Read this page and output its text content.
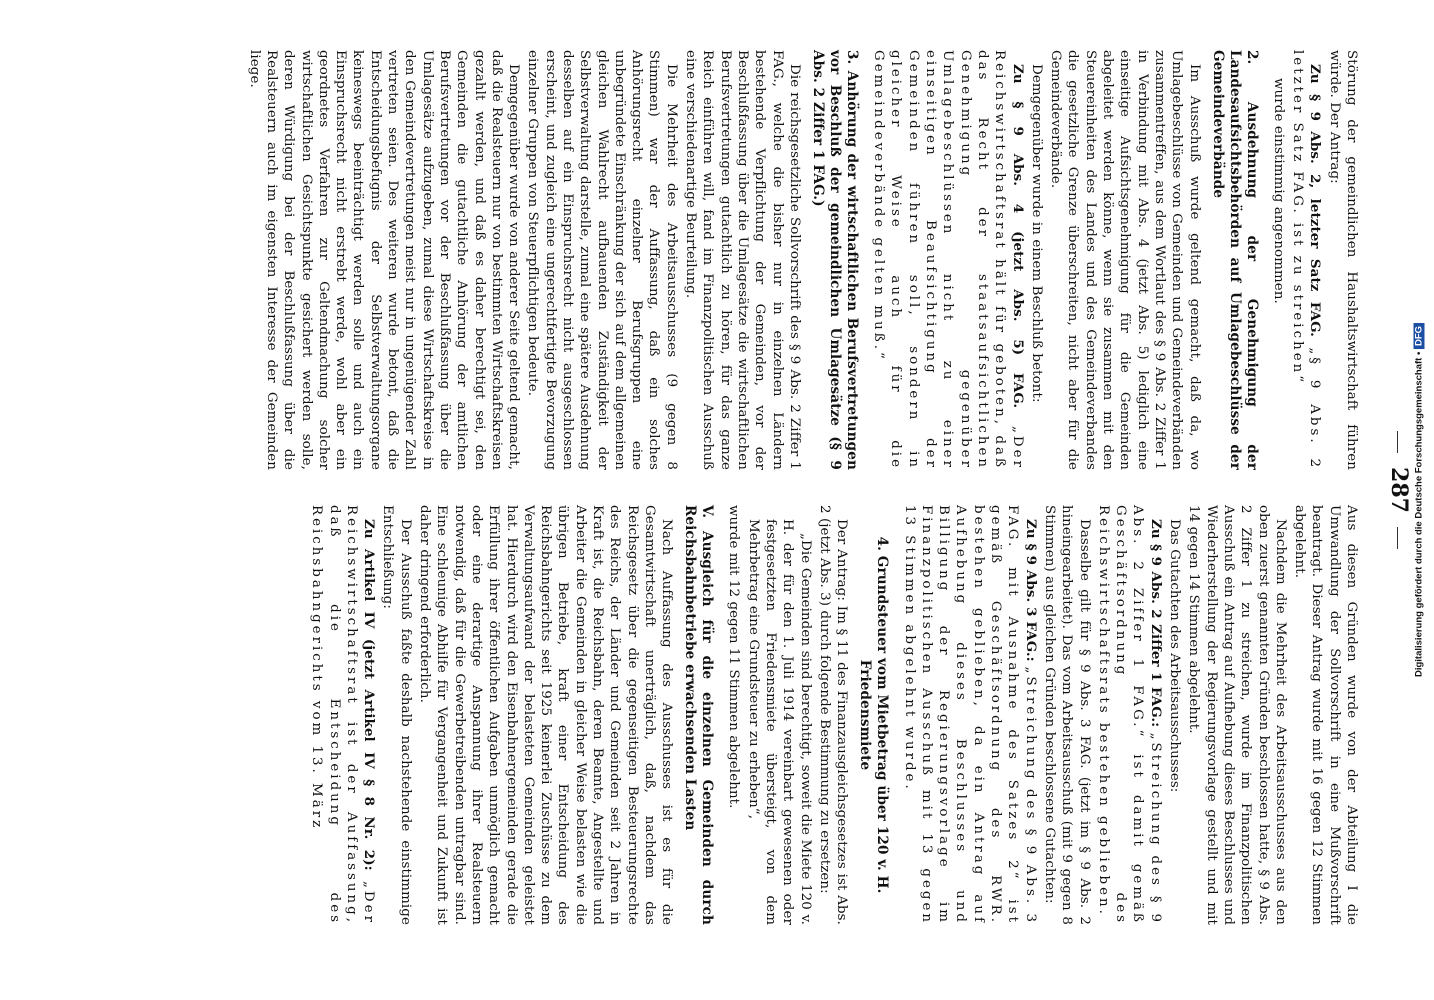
287

Störung der gemeindlichen Haushaltswirtschaft führen würde. Der Antrag:

Zu § 9 Abs. 2, letzter Satz FAG. „§ 9 Abs. 2 letzter Satz FAG. ist zu streichen“

wurde einstimmig angenommen.

2. Ausdehnung der Genehmigung der Landesaufsichtsbehörden auf Umlagebeschlüsse der Gemeindeverbände

Im Ausschuß wurde geltend gemacht, daß da, wo Umlagebeschlüsse von Gemeinden und Gemeindeverbänden zusammentreffen, aus dem Wortlaut des § 9 Abs. 2 Ziffer 1 in Verbindung mit Abs. 4 (jetzt Abs. 5) lediglich eine einseitige Aufsichtsgenehmigung für die Gemeinden abgeleitet werden könne, wenn sie zusammen mit den Steuereinheiten des Landes und des Gemeindeverbandes die gesetzliche Grenze überschreiten, nicht aber für die Gemeindeverbände.

Demgegenüber wurde in einem Beschluß betont:

Zu § 9 Abs. 4 (jetzt Abs. 5) FAG. „Der Reichswirtschaftsrat hält für geboten, daß das Recht der staatsaufsichtlichen Genehmigung gegenüber Umlagebeschlüssen nicht zu einer einseitigen Beaufsichtigung der Gemeinden führen soll, sondern in gleicher Weise auch für die Gemeindeverbände gelten muß.“

3. Anhörung der wirtschaftlichen Berufsvertretungen vor Beschluß der gemeindlichen Umlagesätze (§ 9 Abs. 2 Ziffer 1 FAG.)

Die reichsgesetzliche Sollvorschrift des § 9 Abs. 2 Ziffer 1 FAG., welche die bisher nur in einzelnen Ländern bestehende Verpflichtung der Gemeinden, vor der Beschlußfassung über die Umlagesätze die wirtschaftlichen Berufsvertretungen gutachtlich zu hören, für das ganze Reich einführen will, fand im Finanzpolitischen Ausschuß eine verschiedenartige Beurteilung.

Die Mehrheit des Arbeitsausschusses (9 gegen 8 Stimmen) war der Auffassung, daß ein solches Anhörungsrecht einzelner Berufsgruppen eine unbegründete Einschränkung der sich auf dem allgemeinen gleichen Wahlrecht aufbauenden Zuständigkeit der Selbstverwaltung darstelle, zumal eine spätere Ausdehnung desselben auf ein Einspruchsrecht nicht ausgeschlossen erscheint, und zugleich eine ungerechtfertigte Bevorzugung einzelner Gruppen von Steuerpflichtigen bedeute.

Demgegenüber wurde von anderer Seite geltend gemacht, daß die Realsteuern nur von bestimmten Wirtschaftskreisen gezahlt werden, und daß es daher berechtigt sei, den Gemeinden die gutachtliche Anhörung der amtlichen Berufsvertretungen vor der Beschlußfassung über die Umlagesätze aufzugeben, zumal diese Wirtschaftskreise in den Gemeindevertretungen meist nur in ungenügender Zahl vertreten seien. Des weiteren wurde betont, daß die Entscheidungsbefugnis der Selbstverwaltungsorgane keineswegs beeinträchtigt werden solle und auch ein Einspruchsrecht nicht erstrebt werde, wohl aber ein geordnetes Verfahren zur Geltendmachung solcher wirtschaftlichen Gesichtspunkte gesichert werden solle, deren Würdigung bei der Beschlußfassung über die Realsteuern auch im eigensten Interesse der Gemeinden liege.

Aus diesen Gründen wurde von der Abteilung I die Umwandlung der Sollvorschrift in eine Mußvorschrift beantragt. Dieser Antrag wurde mit 16 gegen 12 Stimmen abgelehnt.

Nachdem die Mehrheit des Arbeitsausschusses aus den oben zuerst genannten Gründen beschlossen hatte, § 9 Abs. 2 Ziffer 1 zu streichen, wurde im Finanzpolitischen Ausschuß ein Antrag auf Aufhebung dieses Beschlusses und Wiederherstellung der Regierungsvorlage gestellt und mit 14 gegen 14 Stimmen abgelehnt.

Das Gutachten des Arbeitsausschusses:

Zu § 9 Abs. 2 Ziffer 1 FAG.: „Streichung des § 9 Abs. 2 Ziffer 1 FAG.“ ist damit gemäß Geschäftsordnung des Reichswirtschaftsrats bestehen geblieben.

Dasselbe gilt für § 9 Abs. 3 FAG. (jetzt im § 9 Abs. 2 hineingearbeitet). Das vom Arbeitsausschuß (mit 9 gegen 8 Stimmen) aus gleichen Gründen beschlossene Gutachten:

Zu § 9 Abs. 3 FAG.: „Streichung des § 9 Abs. 3 FAG. mit Ausnahme des Satzes 2“ ist gemäß Geschäftsordnung des RWR. bestehen geblieben, da ein Antrag auf Aufhebung dieses Beschlusses und Billigung der Regierungsvorlage im Finanzpolitischen Ausschuß mit 13 gegen 13 Stimmen abgelehnt wurde.

4. Grundsteuer vom Mietbetrag über 120 v. H. Friedensmiete

Der Antrag: Im § 11 des Finanzausgleichsgesetzes ist Abs. 2 (jetzt Abs. 3) durch folgende Bestimmung zu ersetzen:

„Die Gemeinden sind berechtigt, soweit die Miete 120 v. H. der für den 1. Juli 1914 vereinbart gewesenen oder festgesetzten Friedensmiete übersteigt, von dem Mehrbetrag eine Grundsteuer zu erheben“,

wurde mit 12 gegen 11 Stimmen abgelehnt.

V. Ausgleich für die einzelnen Gemeinden durch Reichsbahnbetriebe erwachsenden Lasten

Nach Auffassung des Ausschusses ist es für die Gesamtwirtschaft unerträglich, daß, nachdem das Reichsgesetz über die gegenseitigen Besteuerungsrechte des Reichs, der Länder und Gemeinden seit 2 Jahren in Kraft ist, die Reichsbahn, deren Beamte, Angestellte und Arbeiter die Gemeinden in gleicher Weise belasten wie die übrigen Betriebe, kraft einer Entscheidung des Reichsbahngerichts seit 1925 keinerlei Zuschüsse zu dem Verwaltungsaufwand der belasteten Gemeinden geleistet hat. Hierdurch wird den Eisenbahnergemeinden gerade die Erfüllung ihrer öffentlichen Aufgaben unmöglich gemacht oder eine derartige Anspannung ihrer Realsteuern notwendig, daß für die Gewerbetreibenden untragbar sind. Eine schleunige Abhilfe für Vergangenheit und Zukunft ist daher dringend erforderlich.

Der Ausschuß faßte deshalb nachstehende einstimmige Entschließung:

Zu Artikel IV (jetzt Artikel IV § 8 Nr. 2): „Der Reichswirtschaftsrat ist der Auffassung, daß die Entscheidung des Reichsbahngerichts vom 13. März	Digitalisierung gefördert durch die Deutsche Forschungsgemeinschaft • DFG
